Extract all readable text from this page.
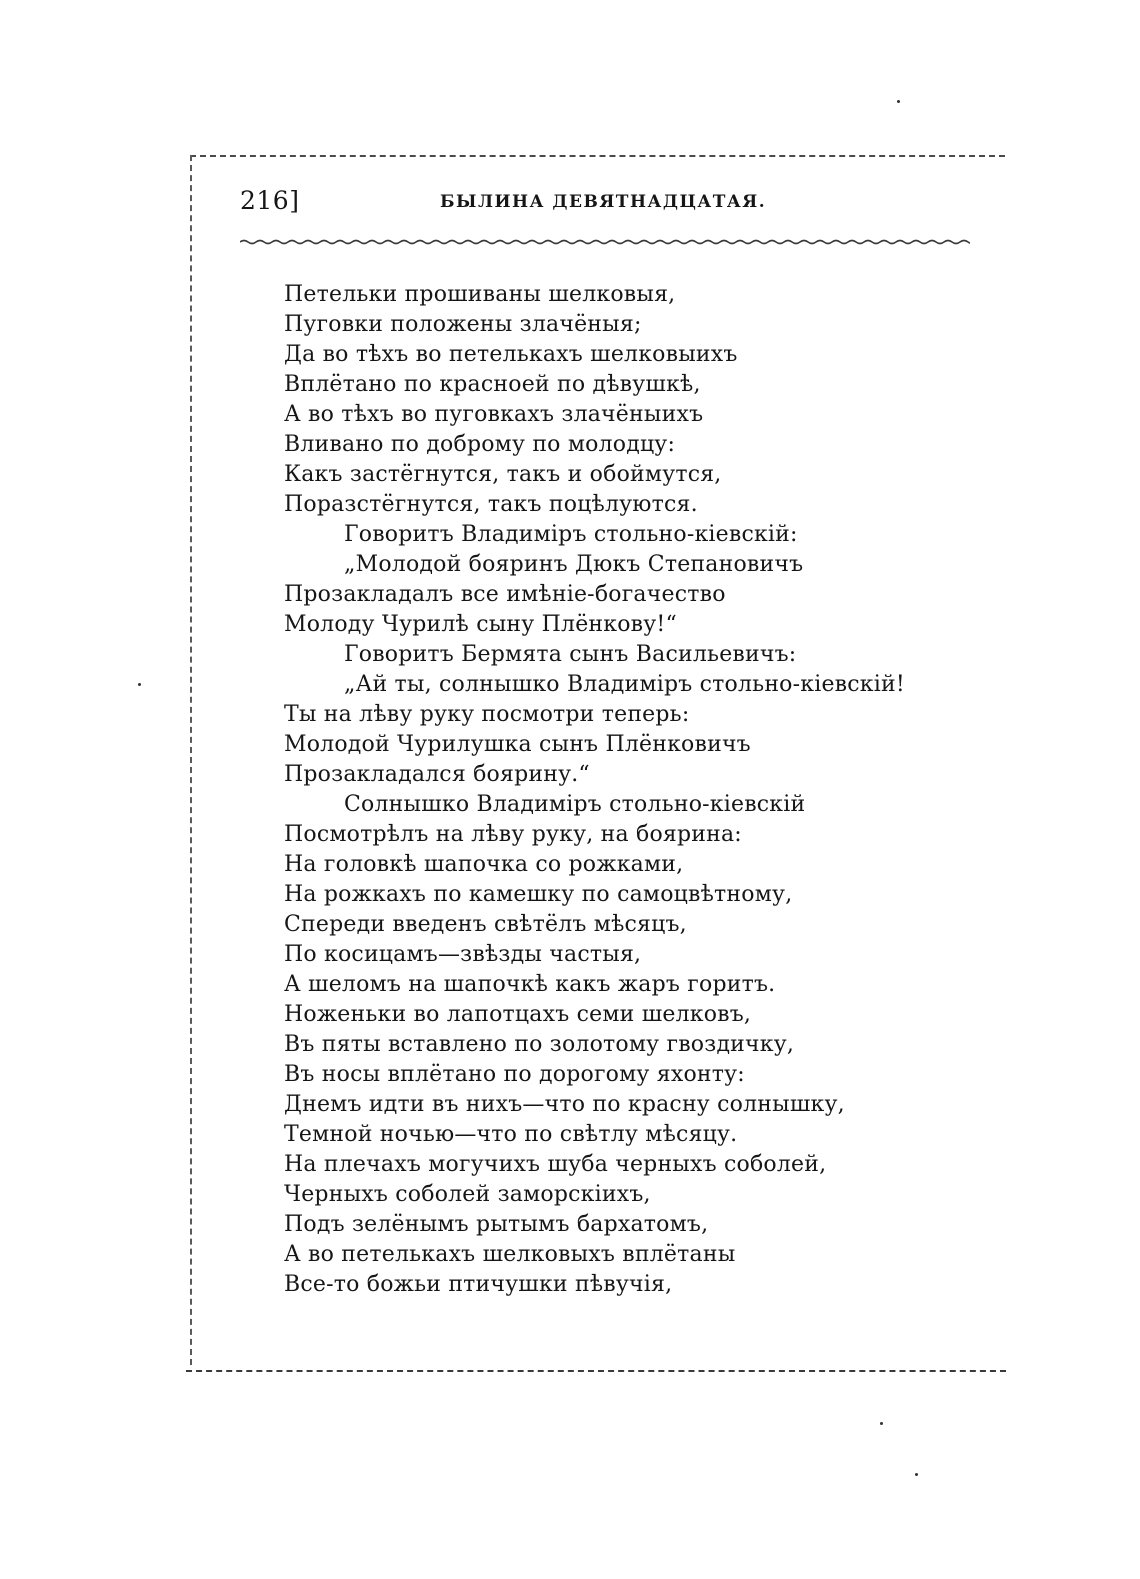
216]	БЫЛИНА ДЕВЯТНАДЦАТАЯ.
Петельки прошиваны шелковыя,
Пуговки положены злачёныя;
Да во тѣхъ во петелькахъ шелковыихъ
Вплётано по красноей по дѣвушкѣ,
А во тѣхъ во пуговкахъ злачёныихъ
Вливано по доброму по молодцу:
Какъ застёгнутся, такъ и обоймутся,
Поразстёгнутся, такъ поцѣлуются.
Говоритъ Владиміръ стольно-кіевскій:
„Молодой бояринъ Дюкъ Степановичъ
Прозакладалъ все имѣніе-богачество
Молоду Чурилѣ сыну Плёнкову!“
Говоритъ Бермята сынъ Васильевичъ:
„Ай ты, солнышко Владиміръ стольно-кіевскій!
Ты на лѣву руку посмотри теперь:
Молодой Чурилушка сынъ Плёнковичъ
Прозакладался боярину.“
Солнышко Владиміръ стольно-кіевскій
Посмотрѣлъ на лѣву руку, на боярина:
На головкѣ шапочка со рожками,
На рожкахъ по камешку по самоцвѣтному,
Спереди введенъ свѣтёлъ мѣсяцъ,
По косицамъ—звѣзды частыя,
А шеломъ на шапочкѣ какъ жаръ горитъ.
Ноженьки во лапотцахъ семи шелковъ,
Въ пяты вставлено по золотому гвоздичку,
Въ носы вплётано по дорогому яхонту:
Днемъ идти въ нихъ—что по красну солнышку,
Темной ночью—что по свѣтлу мѣсяцу.
На плечахъ могучихъ шуба черныхъ соболей,
Черныхъ соболей заморскіихъ,
Подъ зелёнымъ рытымъ бархатомъ,
А во петелькахъ шелковыхъ вплётаны
Все-то божьи птичушки пѣвучія,
